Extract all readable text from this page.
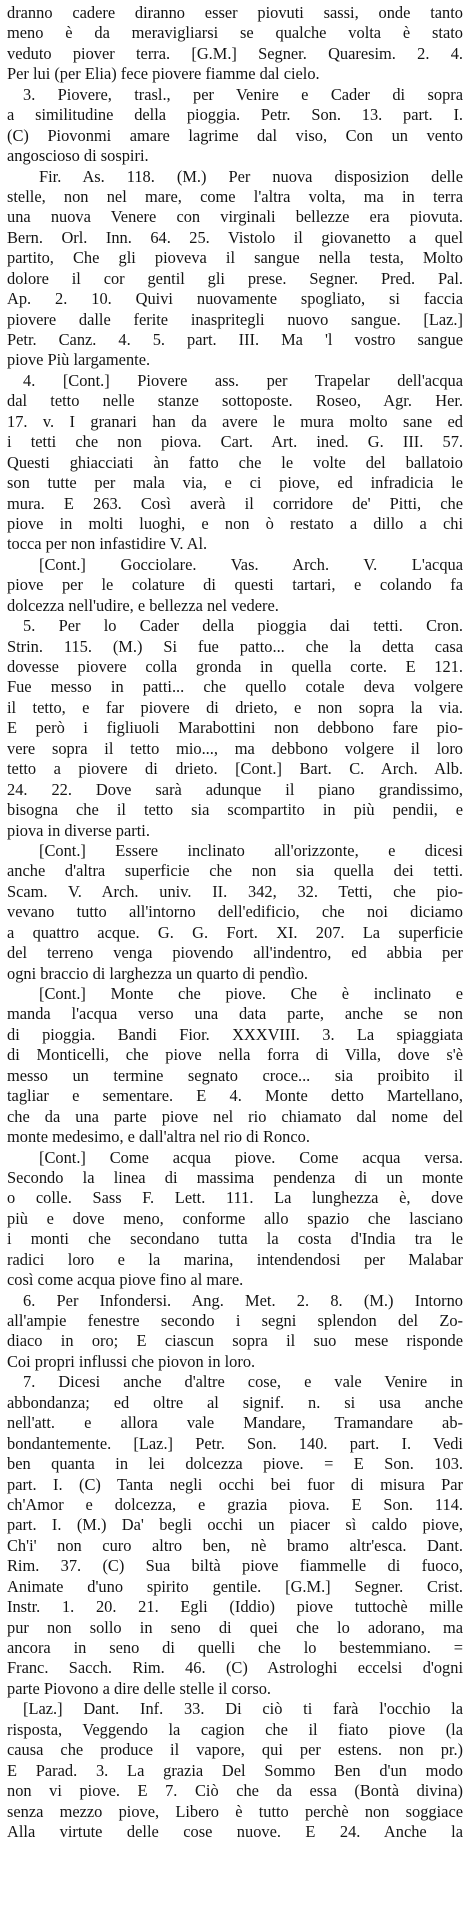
dranno cadere diranno esser piovuti sassi, onde tanto
meno è da meravigliarsi se qualche volta è stato
veduto piover terra. [G.M.] Segner. Quaresim. 2. 4.
Per lui (per Elia) fece piovere fiamme dal cielo.
3. Piovere, trasl., per Venire e Cader di sopra
a similitudine della pioggia. Petr. Son. 13. part. I.
(C) Piovonmi amare lagrime dal viso, Con un vento
angoscioso di sospiri.
Fir. As. 118. (M.) Per nuova disposizion delle
stelle, non nel mare, come l'altra volta, ma in terra
una nuova Venere con virginali bellezze era piovuta.
Bern. Orl. Inn. 64. 25. Vistolo il giovanetto a quel
partito, Che gli pioveva il sangue nella testa, Molto
dolore il cor gentil gli prese. Segner. Pred. Pal.
Ap. 2. 10. Quivi nuovamente spogliato, si faccia
piovere dalle ferite inaspritegli nuovo sangue. [Laz.]
Petr. Canz. 4. 5. part. III. Ma 'l vostro sangue
piove Più largamente.
4. [Cont.] Piovere ass. per Trapelar dell'acqua
dal tetto nelle stanze sottoposte. Roseo, Agr. Her.
17. v. I granari han da avere le mura molto sane ed
i tetti che non piova. Cart. Art. ined. G. III. 57.
Questi ghiacciati àn fatto che le volte del ballatoio
son tutte per mala via, e ci piove, ed infradicia le
mura. E 263. Così averà il corridore de' Pitti, che
piove in molti luoghi, e non ò restato a dillo a chi
tocca per non infastidire V. Al.
[Cont.] Gocciolare. Vas. Arch. V. L'acqua
piove per le colature di questi tartari, e colando fa
dolcezza nell'udire, e bellezza nel vedere.
5. Per lo Cader della pioggia dai tetti. Cron.
Strin. 115. (M.) Si fue patto... che la detta casa
dovesse piovere colla gronda in quella corte. E 121.
Fue messo in patti... che quello cotale deva volgere
il tetto, e far piovere di drieto, e non sopra la via.
E però i figliuoli Marabottini non debbono fare pio-
vere sopra il tetto mio..., ma debbono volgere il loro
tetto a piovere di drieto. [Cont.] Bart. C. Arch. Alb.
24. 22. Dove sarà adunque il piano grandissimo,
bisogna che il tetto sia scompartito in più pendii, e
piova in diverse parti.
[Cont.] Essere inclinato all'orizzonte, e dicesi
anche d'altra superficie che non sia quella dei tetti.
Scam. V. Arch. univ. II. 342, 32. Tetti, che pio-
vevano tutto all'intorno dell'edificio, che noi diciamo
a quattro acque. G. G. Fort. XI. 207. La superficie
del terreno venga piovendo all'indentro, ed abbia per
ogni braccio di larghezza un quarto di pendìo.
[Cont.] Monte che piove. Che è inclinato e
manda l'acqua verso una data parte, anche se non
di pioggia. Bandi Fior. XXXVIII. 3. La spiaggiata
di Monticelli, che piove nella forra di Villa, dove s'è
messo un termine segnato croce... sia proibito il
tagliar e sementare. E 4. Monte detto Martellano,
che da una parte piove nel rio chiamato dal nome del
monte medesimo, e dall'altra nel rio di Ronco.
[Cont.] Come acqua piove. Come acqua versa.
Secondo la linea di massima pendenza di un monte
o colle. Sass F. Lett. 111. La lunghezza è, dove
più e dove meno, conforme allo spazio che lasciano
i monti che secondano tutta la costa d'India tra le
radici loro e la marina, intendendosi per Malabar
così come acqua piove fino al mare.
6. Per Infondersi. Ang. Met. 2. 8. (M.) Intorno
all'ampie fenestre secondo i segni splendon del Zo-
diaco in oro; E ciascun sopra il suo mese risponde
Coi propri influssi che piovon in loro.
7. Dicesi anche d'altre cose, e vale Venire in
abbondanza; ed oltre al signif. n. si usa anche
nell'att. e allora vale Mandare, Tramandare ab-
bondantemente. [Laz.] Petr. Son. 140. part. I. Vedi
ben quanta in lei dolcezza piove. = E Son. 103.
part. I. (C) Tanta negli occhi bei fuor di misura Par
ch'Amor e dolcezza, e grazia piova. E Son. 114.
part. I. (M.) Da' begli occhi un piacer sì caldo piove,
Ch'i' non curo altro ben, nè bramo altr'esca. Dant.
Rim. 37. (C) Sua biltà piove fiammelle di fuoco,
Animate d'uno spirito gentile. [G.M.] Segner. Crist.
Instr. 1. 20. 21. Egli (Iddio) piove tuttochè mille
pur non sollo in seno di quei che lo adorano, ma
ancora in seno di quelli che lo bestemmiano. =
Franc. Sacch. Rim. 46. (C) Astrologhi eccelsi d'ogni
parte Piovono a dire delle stelle il corso.
[Laz.] Dant. Inf. 33. Di ciò ti farà l'occhio la
risposta, Veggendo la cagion che il fiato piove (la
causa che produce il vapore, qui per estens. non pr.)
E Parad. 3. La grazia Del Sommo Ben d'un modo
non vi piove. E 7. Ciò che da essa (Bontà divina)
senza mezzo piove, Libero è tutto perchè non soggiace
Alla virtute delle cose nuove. E 24. Anche la
